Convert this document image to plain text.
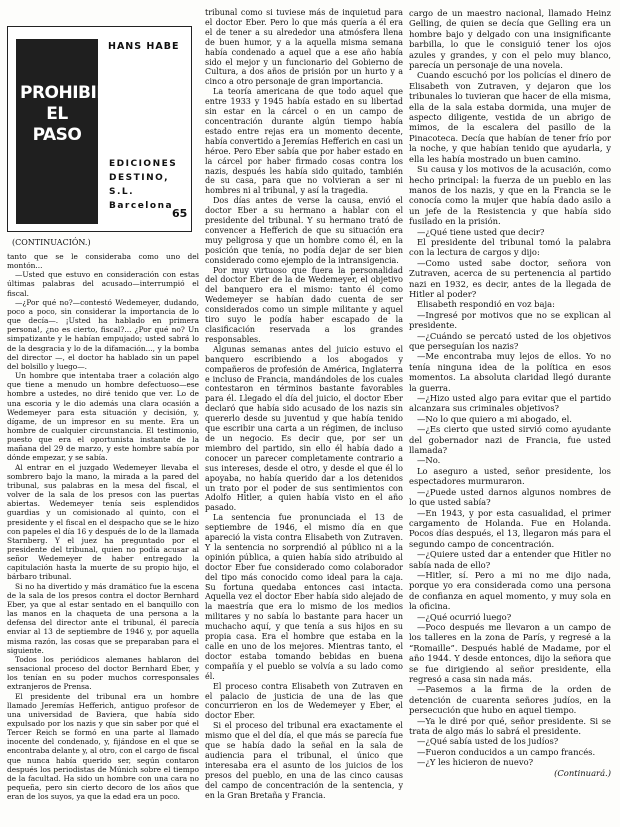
PROHIBIDO
EL PASO
HANS HABE
EDICIONES
DESTINO, S.L.
Barcelona
65
(CONTINUACIÓN.)

tanto que se le consideraba como uno del montón...

—Usted que estuvo en consideración con estas últimas palabras del acusado—interrumpió el fiscal.

—¿Por qué no?—contestó Wedemeyer, dudando, poco a poco, sin considerar la importancia de lo que decía—. ¡Usted ha hablado en primera persona!, ¿no es cierto, fiscal?... ¿Por qué no? Un simpatizante y le habían empujado; usted sabrá lo de la desgracia y lo de la difamación..., y la bomba del director —, el doctor ha hablado sin un papel del bolsillo y luego—.

Un hombre que intentaba traer a colación algo que tiene a menudo un hombre defectuoso—ese hombre a ustedes, no diré tenido que ver. Lo de una escoria y le dio además una clara ocasión a Wedemeyer para esta situación y decisión, y, dígame, de un impresor en su mente. Era un hombre de cualquier circunstancia. El testimonio, puesto que era el oportunista instante de la mañana del 29 de marzo, y este hombre sabía por dónde empezar, y se sabía.

Al entrar en el juzgado Wedemeyer llevaba el sombrero bajo la mano, la mirada a la pared del tribunal, sus palabras en la mesa del fiscal, el volver de la sala de los presos con las puertas abiertas. Wedemeyer tenía seis esplendidos guardias y un comisionado al quinto, con el presidente y el fiscal en el despacho que se le hizo con papeles el día 16 y después de lo de la llamada Starnberg. Y el juez ha preguntado por el presidente del tribunal, quien no podía acusar al señor Wedemeyer de haber entregado la capitulación hasta la muerte de su propio hijo, el bárbaro tribunal.

Si no ha divertido y más dramático fue la escena de la sala de los presos contra el doctor Bernhard Eber, ya que al estar sentado en el banquillo con las manos en la chaqueta de una persona a la defensa del director ante el tribunal, él parecía enviar al 13 de septiembre de 1946 y, por aquella misma razón, las cosas que se preparaban para el siguiente.

Todos los periódicos alemanes hablaron del sensacional proceso del doctor Bernhard Eber, y los tenían en su poder muchos corresponsales extranjeros de Prensa.

El presidente del tribunal era un hombre llamado Jeremías Hefferich, antiguo profesor de una universidad de Baviera, que había sido expulsado por los nazis y que sin saber por qué el Tercer Reich se formó en una parte al llamado inocente del condenado, y, fijándose en el que se encontraba delante y, al otro, con el cargo de fiscal que nunca había querido ser, según contaron después los periodistas de Múnich sobre el tiempo de la facultad. Ha sido un hombre con una cara no pequeña, pero sin cierto decoro de los años que eran de los suyos, ya que la edad era un poco.

tribunal como si tuviese más de inquietud para el doctor Eber. Pero lo que más quería a él era el de tener a su alrededor una atmósfera llena de buen humor, y a la aquella misma semana había condenado a aquel que a ese año había sido el mejor y un funcionario del Gobierno de Cultura, a dos años de prisión por un hurto y a cinco a otro personaje de gran importancia.

La teoría americana de que todo aquel que entre 1933 y 1945 había estado en su libertad sin estar en la cárcel o en un campo de concentración durante algún tiempo había estado entre rejas era un momento decente, había convertido a Jeremías Hefferich en casi un héroe. Pero Eber sabía que por haber estado en la cárcel por haber firmado cosas contra los nazis, después les había sido quitado, también de su casa, para que no volvieran a ser ni hombres ni al tribunal, y así la tragedia.

Dos días antes de verse la causa, envió el doctor Eber a su hermano a hablar con el presidente del tribunal. Y su hermano trató de convencer a Hefferich de que su situación era muy peligrosa y que un hombre como él, en la posición que tenía, no podía dejar de ser bien considerado como ejemplo de la intransigencia.

Por muy virtuoso que fuera la personalidad del doctor Eber de la de Wedemeyer, el objetivo del banquero era el mismo: tanto él como Wedemeyer se habían dado cuenta de ser considerados como un simple militante y aquel tiro suyo le podía haber escapado de la clasificación reservada a los grandes responsables.

Algunas semanas antes del juicio estuvo el banquero escribiendo a los abogados y compañeros de profesión de América, Inglaterra e incluso de Francia, mandándoles de los cuales contestaron en términos bastante favorables para él. Llegado el día del juicio, el doctor Eber declaró que había sido acusado de los nazis sin quererlo desde su juventud y que había tenido que escribir una carta a un régimen, de incluso de un negocio. Es decir que, por ser un miembro del partido, sin ello él había dado a conocer un parecer completamente contrario a sus intereses, desde el otro, y desde el que él lo apoyaba, no había querido dar a los detenidos un trato por el poder de sus sentimientos con Adolfo Hitler, a quien había visto en el año pasado.

La sentencia fue pronunciada el 13 de septiembre de 1946, el mismo día en que apareció la vista contra Elisabeth von Zutraven. Y la sentencia no sorprendió al público ni a la opinión pública, a quien había sido atribuido al doctor Eber fue considerado como colaborador del tipo más conocido como ideal para la caja. Su fortuna quedaba entonces casi intacta. Aquella vez el doctor Eber había sido alejado de la maestría que era lo mismo de los medios militares y no sabía lo bastante para hacer un muchacho aquí, y que tenía a sus hijos en su propia casa. Era el hombre que estaba en la calle en uno de los mejores. Mientras tanto, el doctor estaba tomando bebidas en buena compañía y el pueblo se volvía a su lado como él.

El proceso contra Elisabeth von Zutraven en el palacio de justicia de una de las que concurrieron en los de Wedemeyer y Eber, el doctor Eber.

Si el proceso del tribunal era exactamente el mismo que el del día, el que más se parecía fue que se había dado la señal en la sala de audiencia para el tribunal, el único que interesaba era el asunto de los juicios de los presos del pueblo, en una de las cinco causas del campo de concentración de la sentencia, y en la Gran Bretaña y Francia.

cargo de un maestro nacional, llamado Heinz Gelling, de quien se decía que Gelling era un hombre bajo y delgado con una insignificante barbilla, lo que le consiguió tener los ojos azules y grandes, y con el pelo muy blanco, parecía un personaje de una novela.

Cuando escuchó por los policías el dinero de Elisabeth von Zutraven, y dejaron que los tribunales lo tuvieran que hacer de ella misma, ella de la sala estaba dormida, una mujer de aspecto diligente, vestida de un abrigo de mimos, de la escalera del pasillo de la Pinacoteca. Decía que habían de tener frío por la noche, y que habían tenido que ayudarla, y ella les había mostrado un buen camino.

Su causa y los motivos de la acusación, como hecho principal: la fuerza de un pueblo en las manos de los nazis, y que en la Francia se le conocía como la mujer que había dado asilo a un jefe de la Resistencia y que había sido fusilado en la prisión.

—¿Qué tiene usted que decir?

El presidente del tribunal tomó la palabra con la lectura de cargos y dijo:

—Como usted sabe doctor, señora von Zutraven, acerca de su pertenencia al partido nazi en 1932, es decir, antes de la llegada de Hitler al poder?

Elisabeth respondió en voz baja:

—Ingresé por motivos que no se explican al presidente.

—¿Cuándo se percató usted de los objetivos que perseguían los nazis?

—Me encontraba muy lejos de ellos. Yo no tenía ninguna idea de la política en esos momentos. La absoluta claridad llegó durante la guerra.

—¿Hizo usted algo para evitar que el partido alcanzara sus criminales objetivos?

—No lo que quiero a mi abogado, el.

—¿Es cierto que usted sirvió como ayudante del gobernador nazi de Francia, fue usted llamada?

—No.

Lo aseguro a usted, señor presidente, los espectadores murmuraron.

—¿Puede usted darnos algunos nombres de lo que usted sabía?

—En 1943, y por esta casualidad, el primer cargamento de Holanda. Fue en Holanda. Pocos días después, el 13, llegaron más para el segundo campo de concentración.

—¿Quiere usted dar a entender que Hitler no sabía nada de ello?

—Hitler, sí. Pero a mi no me dijo nada, porque yo era considerada como una persona de confianza en aquel momento, y muy sola en la oficina.

—¿Qué ocurrió luego?

—Poco después me llevaron a un campo de los talleres en la zona de París, y regresé a la “Romaille”. Después hablé de Madame, por el año 1944. Y desde entonces, dijo la señora que se fue dirigiendo al señor presidente, ella regresó a casa sin nada más.

—Pasemos a la firma de la orden de detención de cuarenta señores judíos, en la persecución que hubo en aquel tiempo.

—Ya le diré por qué, señor presidente. Si se trata de algo más lo sabrá el presidente.

—¿Qué sabía usted de los judíos?

—Fueron conducidos a un campo francés.

—¿Y les hicieron de nuevo?

(Continuará.)
